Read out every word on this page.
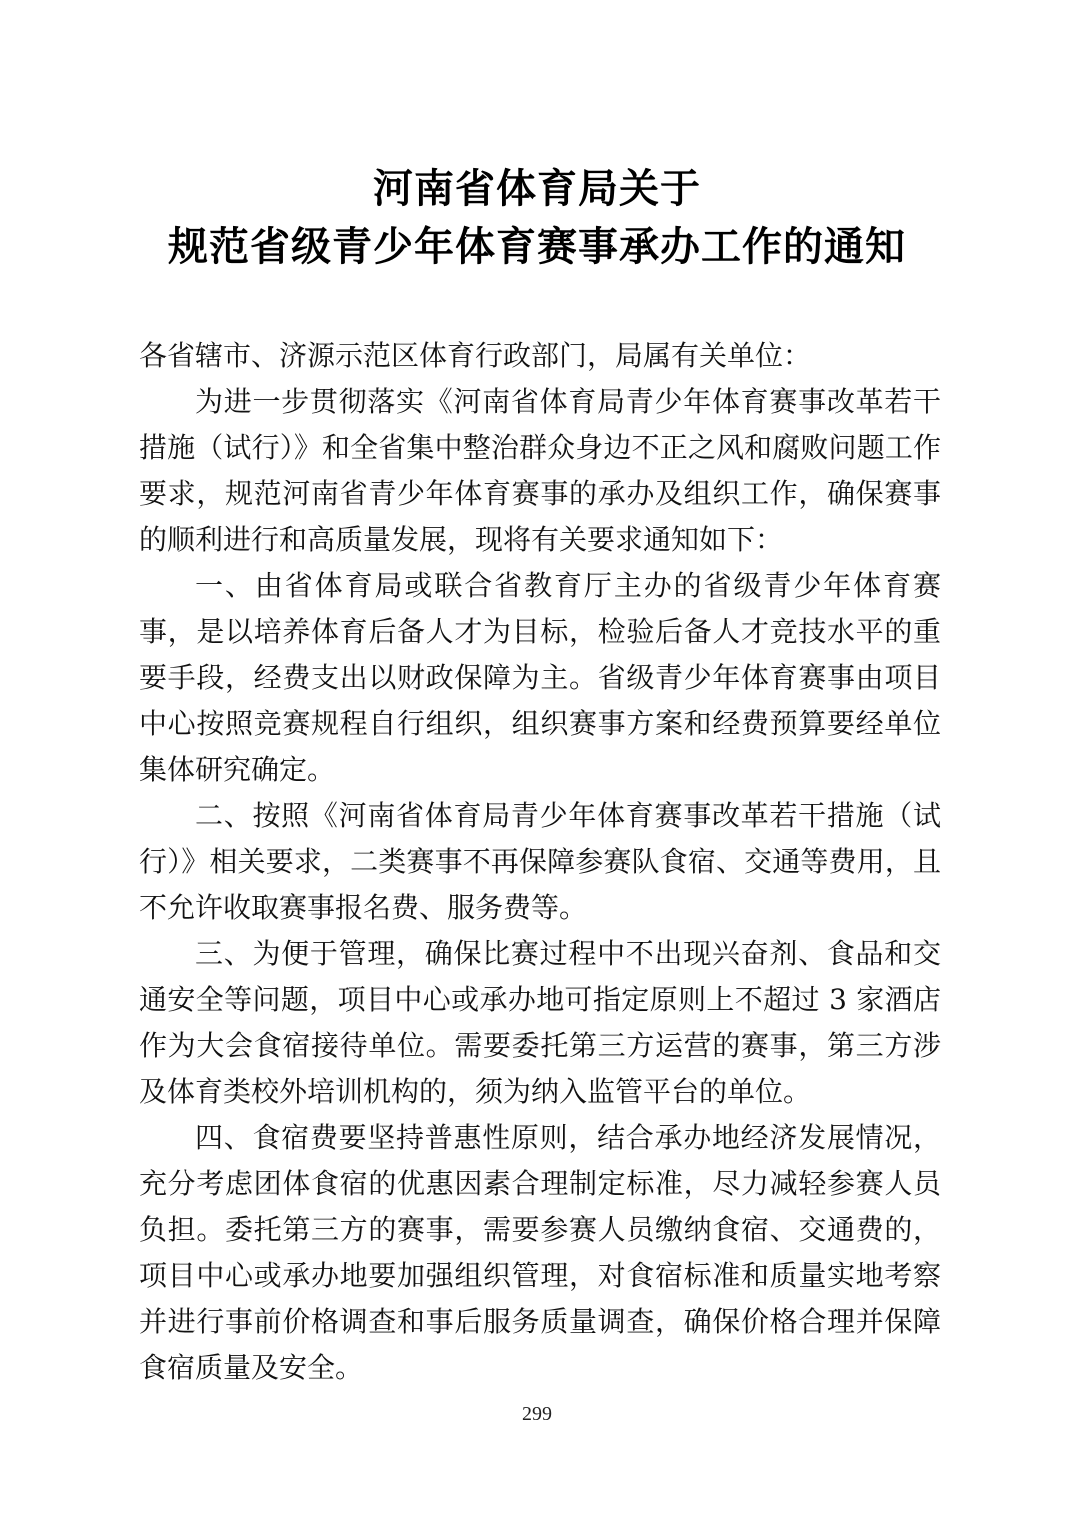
河南省体育局关于
规范省级青少年体育赛事承办工作的通知

各省辖市、济源示范区体育行政部门，局属有关单位：

为进一步贯彻落实《河南省体育局青少年体育赛事改革若干措施（试行）》和全省集中整治群众身边不正之风和腐败问题工作要求，规范河南省青少年体育赛事的承办及组织工作，确保赛事的顺利进行和高质量发展，现将有关要求通知如下：

一、由省体育局或联合省教育厅主办的省级青少年体育赛事，是以培养体育后备人才为目标，检验后备人才竞技水平的重要手段，经费支出以财政保障为主。省级青少年体育赛事由项目中心按照竞赛规程自行组织，组织赛事方案和经费预算要经单位集体研究确定。

二、按照《河南省体育局青少年体育赛事改革若干措施（试行）》相关要求，二类赛事不再保障参赛队食宿、交通等费用，且不允许收取赛事报名费、服务费等。

三、为便于管理，确保比赛过程中不出现兴奋剂、食品和交通安全等问题，项目中心或承办地可指定原则上不超过 3 家酒店作为大会食宿接待单位。需要委托第三方运营的赛事，第三方涉及体育类校外培训机构的，须为纳入监管平台的单位。

四、食宿费要坚持普惠性原则，结合承办地经济发展情况，充分考虑团体食宿的优惠因素合理制定标准，尽力减轻参赛人员负担。委托第三方的赛事，需要参赛人员缴纳食宿、交通费的，项目中心或承办地要加强组织管理，对食宿标准和质量实地考察并进行事前价格调查和事后服务质量调查，确保价格合理并保障食宿质量及安全。

299
